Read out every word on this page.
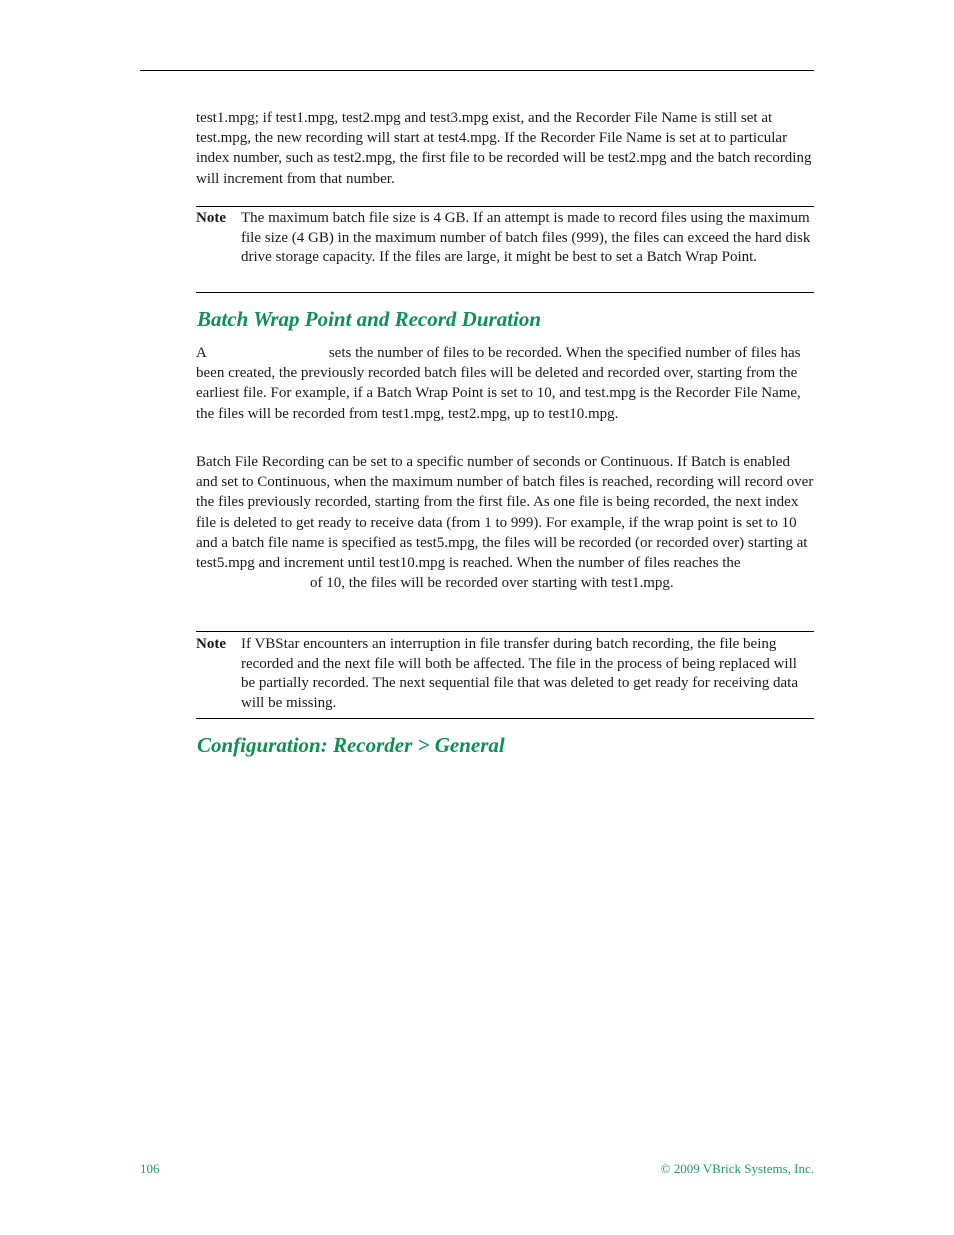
test1.mpg; if test1.mpg, test2.mpg and test3.mpg exist, and the Recorder File Name is still set at test.mpg, the new recording will start at test4.mpg. If the Recorder File Name is set at to particular index number, such as test2.mpg, the first file to be recorded will be test2.mpg and the batch recording will increment from that number.

Note The maximum batch file size is 4 GB. If an attempt is made to record files using the maximum file size (4 GB) in the maximum number of batch files (999), the files can exceed the hard disk drive storage capacity. If the files are large, it might be best to set a Batch Wrap Point.
Batch Wrap Point and Record Duration

A	sets the number of files to be recorded. When the specified number of files has been created, the previously recorded batch files will be deleted and recorded over, starting from the earliest file. For example, if a Batch Wrap Point is set to 10, and test.mpg is the Recorder File Name, the files will be recorded from test1.mpg, test2.mpg, up to test10.mpg.

Batch File Recording can be set to a specific number of seconds or Continuous. If Batch is enabled and set to Continuous, when the maximum number of batch files is reached, recording will record over the files previously recorded, starting from the first file. As one file is being recorded, the next index file is deleted to get ready to receive data (from 1 to 999). For example, if the wrap point is set to 10 and a batch file name is specified as test5.mpg, the files will be recorded (or recorded over) starting at test5.mpg and increment until test10.mpg is reached. When the number of files reaches theof 10, the files will be recorded over starting with test1.mpg.

Note If VBStar encounters an interruption in file transfer during batch recording, the file being recorded and the next file will both be affected. The file in the process of being replaced will be partially recorded. The next sequential file that was deleted to get ready for receiving data will be missing.
Configuration: Recorder > General
106	© 2009 VBrick Systems, Inc.
